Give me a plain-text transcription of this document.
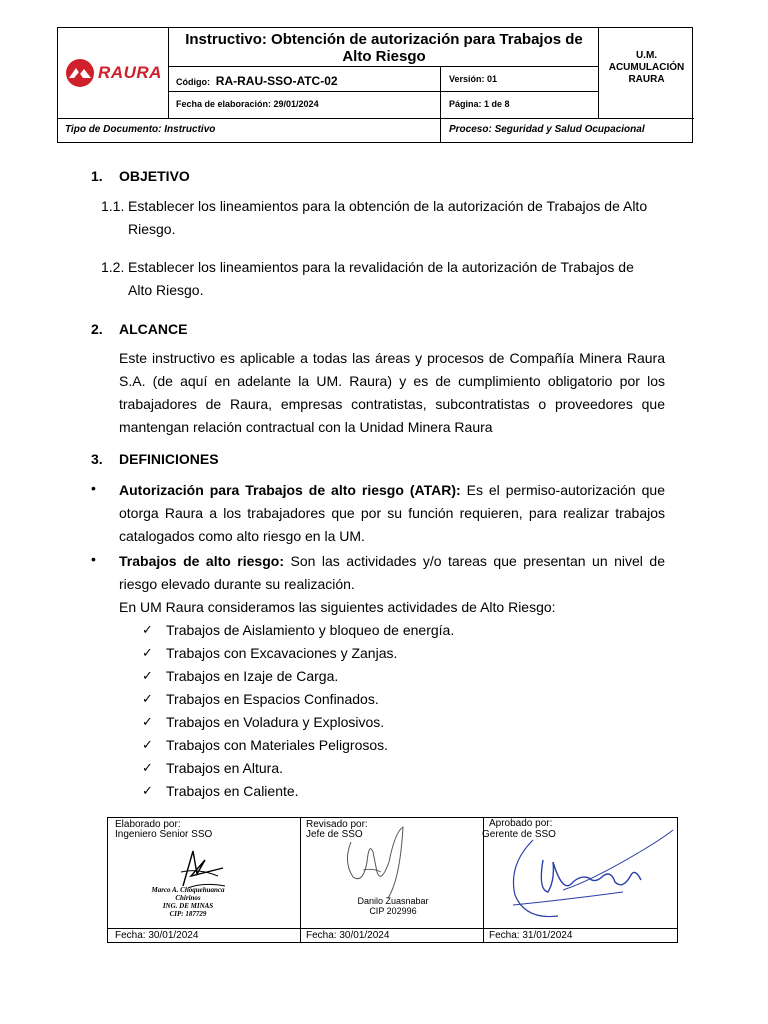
RAURA
Instructivo: Obtención de autorización para Trabajos de Alto Riesgo
Código: RA-RAU-SSO-ATC-02	Versión: 01
Fecha de elaboración: 29/01/2024	Página: 1 de 8
U.M.
ACUMULACIÓN
RAURA
Tipo de Documento: Instructivo	Proceso: Seguridad y Salud Ocupacional
1. OBJETIVO
1.1. Establecer los lineamientos para la obtención de la autorización de Trabajos de Alto
Riesgo.
1.2. Establecer los lineamientos para la revalidación de la autorización de Trabajos de
Alto Riesgo.
2. ALCANCE
Este instructivo es aplicable a todas las áreas y procesos de Compañía Minera Raura S.A. (de aquí en adelante la UM. Raura) y es de cumplimiento obligatorio por los trabajadores de Raura, empresas contratistas, subcontratistas o proveedores que mantengan relación contractual con la Unidad Minera Raura
3. DEFINICIONES
• Autorización para Trabajos de alto riesgo (ATAR): Es el permiso-autorización que otorga Raura a los trabajadores que por su función requieren, para realizar trabajos catalogados como alto riesgo en la UM.
• Trabajos de alto riesgo: Son las actividades y/o tareas que presentan un nivel de riesgo elevado durante su realización.
En UM Raura consideramos las siguientes actividades de Alto Riesgo:
✓ Trabajos de Aislamiento y bloqueo de energía.
✓ Trabajos con Excavaciones y Zanjas.
✓ Trabajos en Izaje de Carga.
✓ Trabajos en Espacios Confinados.
✓ Trabajos en Voladura y Explosivos.
✓ Trabajos con Materiales Peligrosos.
✓ Trabajos en Altura.
✓ Trabajos en Caliente.
Elaborado por:
Ingeniero Senior SSO
Marco A. Choquehuanca Chirinos
ING. DE MINAS
CIP: 187729
Fecha: 30/01/2024
Revisado por:
Jefe de SSO
Danilo Zuasnabar
CIP 202996
Fecha: 30/01/2024
Aprobado por:
Gerente de SSO
Fecha: 31/01/2024
